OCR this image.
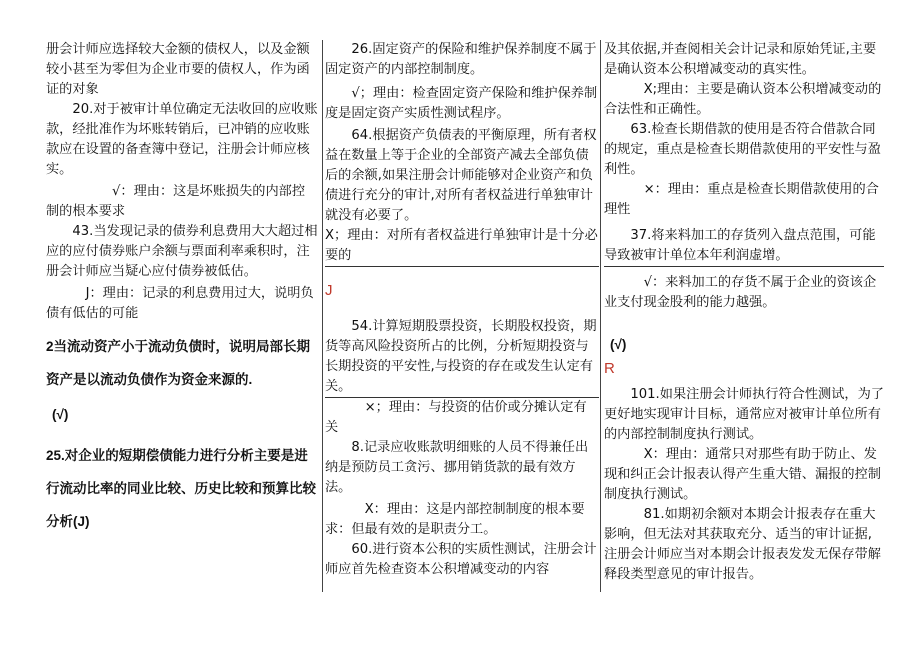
册会计师应选择较大金额的债权人，以及金额较小甚至为零但为企业市要的债权人，作为函证的对象

20.对于被审计单位确定无法收回的应收账款，经批准作为坏账转销后，已冲销的应收账款应在设置的备查簿中登记，注册会计师应核实。

√：理由：这是坏账损失的内部控制的根本要求

43.当发现记录的债券利息费用大大超过相应的应付债券账户余额与票面利率乘积时，注册会计师应当疑心应付债券被低估。

J：理由：记录的利息费用过大，说明负债有低估的可能

2当流动资产小于流动负债时，说明局部长期资产是以流动负债作为资金来源的.

(√)

25.对企业的短期偿债能力进行分析主要是进行流动比率的同业比较、历史比较和预算比较分析(J)

26.固定资产的保险和维护保养制度不属于固定资产的内部控制制度。

√；理由：检查固定资产保险和维护保养制度是固定资产实质性测试程序。

64.根据资产负债表的平衡原理，所有者权益在数量上等于企业的全部资产减去全部负债后的余额,如果注册会计师能够对企业资产和负债进行充分的审计,对所有者权益进行单独审计就没有必要了。

X；理由：对所有者权益进行单独审计是十分必要的

J

54.计算短期股票投资，长期股权投资，期货等高风险投资所占的比例，分析短期投资与长期投资的平安性,与投资的存在或发生认定有关。

×；理由：与投资的估价或分摊认定有关

8.记录应收账款明细账的人员不得兼任出纳是预防员工贪污、挪用销货款的最有效方法。

X：理由：这是内部控制制度的根本要求：但最有效的是职责分工。

60.进行资本公积的实质性测试，注册会计师应首先检查资本公积增减变动的内容

及其依据,并查阅相关会计记录和原始凭证,主要是确认资本公积增减变动的真实性。

X;理由：主要是确认资本公积增减变动的合法性和正确性。

63.检查长期借款的使用是否符合借款合同的规定，重点是检查长期借款使用的平安性与盈利性。

×：理由：重点是检查长期借款使用的合理性

37.将来料加工的存货列入盘点范围，可能导致被审计单位本年利润虚增。

√：来料加工的存货不属于企业的资该企业支付现金股利的能力越强。

(√)

R

101.如果注册会计师执行符合性测试，为了更好地实现审计目标，通常应对被审计单位所有的内部控制制度执行测试。

X：理由：通常只对那些有助于防止、发现和纠正会计报表认得产生重大错、漏报的控制制度执行测试。

81.如期初余额对本期会计报表存在重大影响，但无法对其获取充分、适当的审计证据,注册会计师应当对本期会计报表发发无保存带解释段类型意见的审计报告。
